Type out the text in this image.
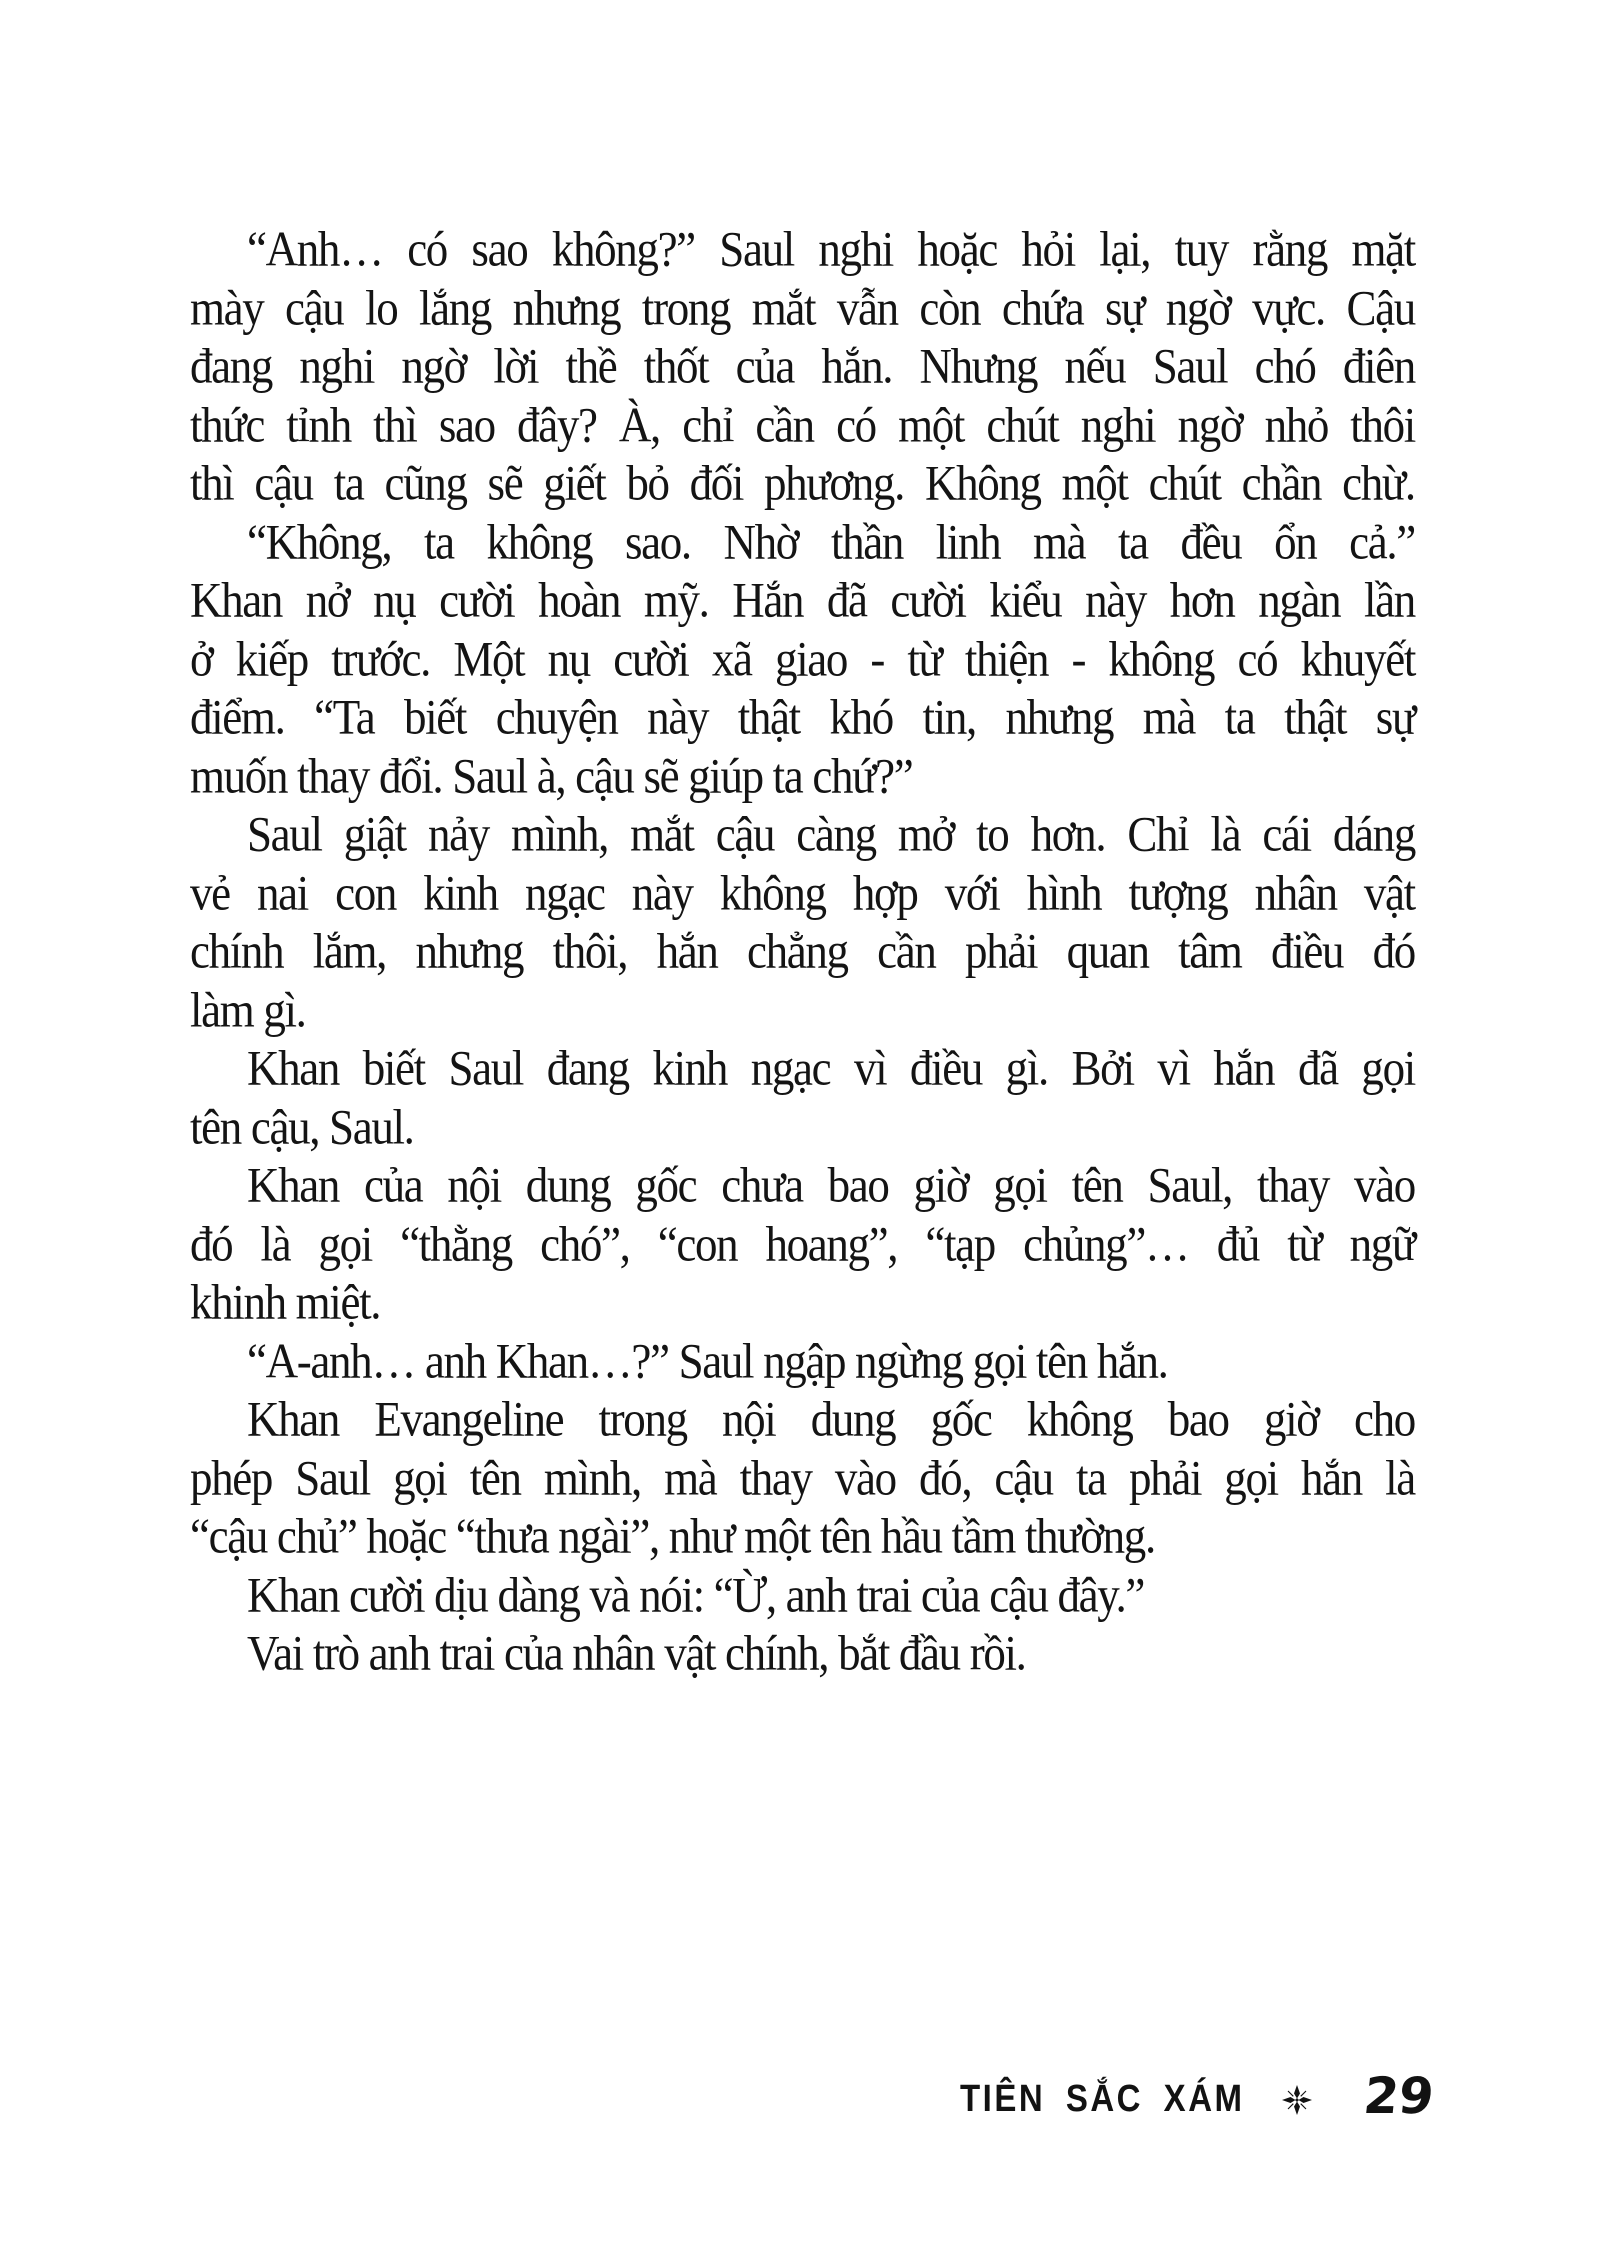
“Anh… có sao không?” Saul nghi hoặc hỏi lại, tuy rằng mặt
mày cậu lo lắng nhưng trong mắt vẫn còn chứa sự ngờ vực. Cậu
đang nghi ngờ lời thề thốt của hắn. Nhưng nếu Saul chó điên
thức tỉnh thì sao đây? À, chỉ cần có một chút nghi ngờ nhỏ thôi
thì cậu ta cũng sẽ giết bỏ đối phương. Không một chút chần chừ.
“Không, ta không sao. Nhờ thần linh mà ta đều ổn cả.”
Khan nở nụ cười hoàn mỹ. Hắn đã cười kiểu này hơn ngàn lần
ở kiếp trước. Một nụ cười xã giao - từ thiện - không có khuyết
điểm. “Ta biết chuyện này thật khó tin, nhưng mà ta thật sự
muốn thay đổi. Saul à, cậu sẽ giúp ta chứ?”
Saul giật nảy mình, mắt cậu càng mở to hơn. Chỉ là cái dáng
vẻ nai con kinh ngạc này không hợp với hình tượng nhân vật
chính lắm, nhưng thôi, hắn chẳng cần phải quan tâm điều đó
làm gì.
Khan biết Saul đang kinh ngạc vì điều gì. Bởi vì hắn đã gọi
tên cậu, Saul.
Khan của nội dung gốc chưa bao giờ gọi tên Saul, thay vào
đó là gọi “thằng chó”, “con hoang”, “tạp chủng”… đủ từ ngữ
khinh miệt.
“A-anh… anh Khan…?” Saul ngập ngừng gọi tên hắn.
Khan Evangeline trong nội dung gốc không bao giờ cho
phép Saul gọi tên mình, mà thay vào đó, cậu ta phải gọi hắn là
“cậu chủ” hoặc “thưa ngài”, như một tên hầu tầm thường.
Khan cười dịu dàng và nói: “Ừ, anh trai của cậu đây.”
Vai trò anh trai của nhân vật chính, bắt đầu rồi.
TIÊN SẮC XÁM 29
